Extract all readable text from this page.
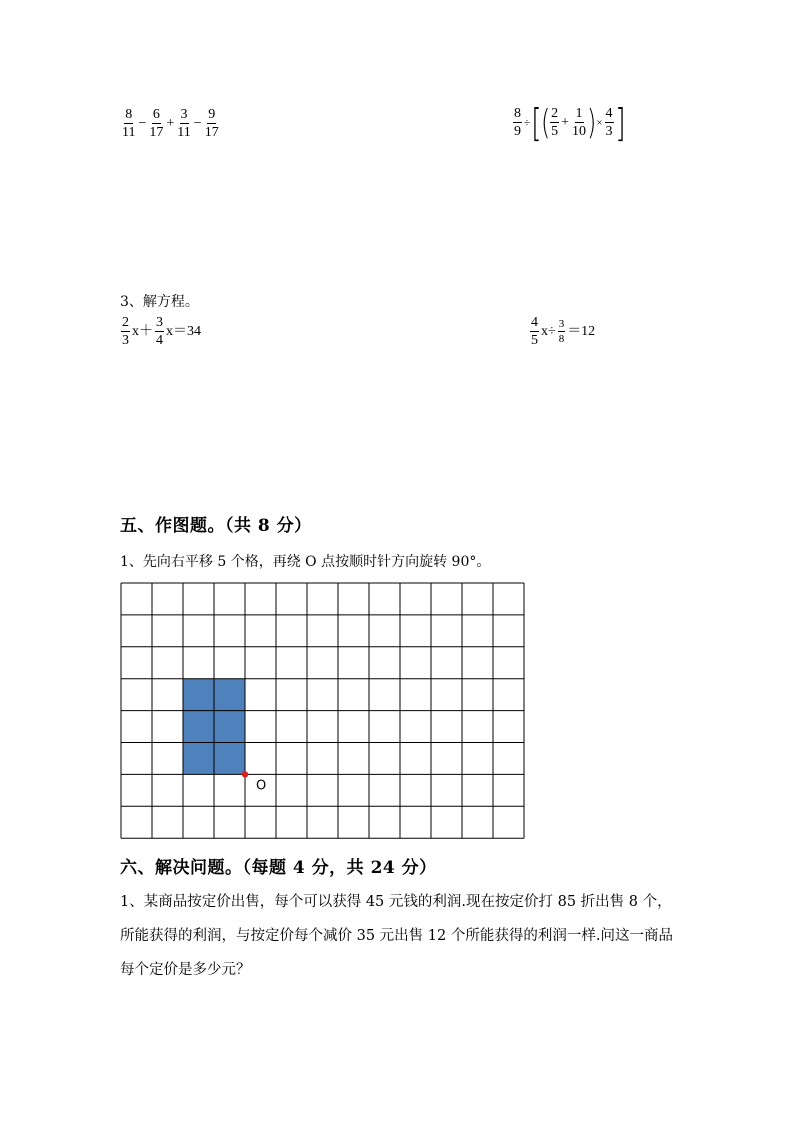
$\frac{8}{11} - \frac{6}{17} + \frac{3}{11} - \frac{9}{17}$	$\frac{8}{9}$ ÷[( $\frac{2}{5} + \frac{1}{10}$ )× $\frac{4}{3}$ ]
3、解方程。
$\frac{2}{3} x+ \frac{3}{4} x=34$	$\frac{4}{5} x\div \frac{3}{8} =12$
五、作图题。（共 8 分）
1、先向右平移 5 个格，再绕 O 点按顺时针方向旋转 90°。
O
六、解决问题。（每题 4 分，共 24 分）
1、某商品按定价出售，每个可以获得 45 元钱的利润.现在按定价打 85 折出售 8 个，所能获得的利润，与按定价每个减价 35 元出售 12 个所能获得的利润一样.问这一商品每个定价是多少元？
